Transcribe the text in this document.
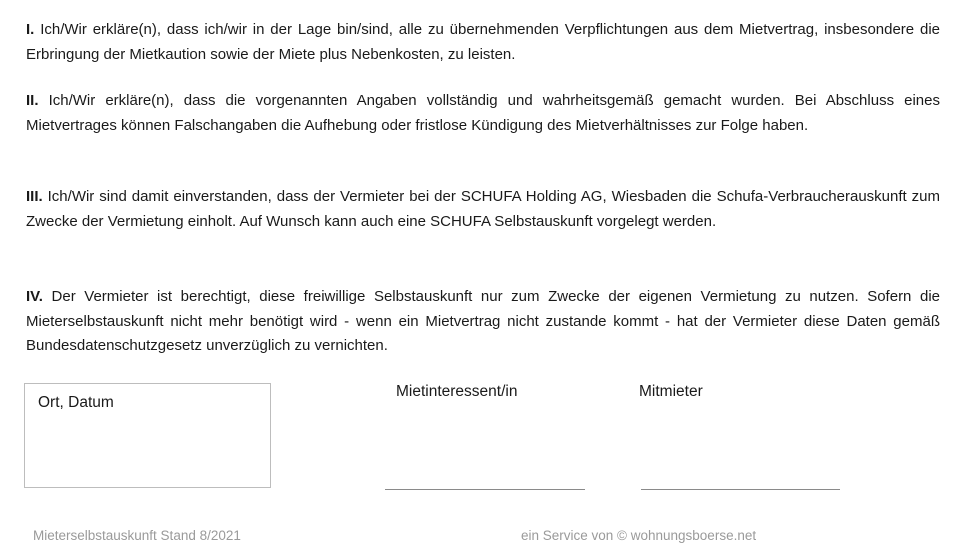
I. Ich/Wir erkläre(n), dass ich/wir in der Lage bin/sind, alle zu übernehmenden Verpflichtungen aus dem Mietvertrag, insbesondere die Erbringung der Mietkaution sowie der Miete plus Nebenkosten, zu leisten.

II. Ich/Wir erkläre(n), dass die vorgenannten Angaben vollständig und wahrheitsgemäß gemacht wurden. Bei Abschluss eines Mietvertrages können Falschangaben die Aufhebung oder fristlose Kündigung des Mietverhältnisses zur Folge haben.

III. Ich/Wir sind damit einverstanden, dass der Vermieter bei der SCHUFA Holding AG, Wiesbaden die Schufa-Verbraucherauskunft zum Zwecke der Vermietung einholt. Auf Wunsch kann auch eine SCHUFA Selbstauskunft vorgelegt werden.

IV. Der Vermieter ist berechtigt, diese freiwillige Selbstauskunft nur zum Zwecke der eigenen Vermietung zu nutzen. Sofern die Mieterselbstauskunft nicht mehr benötigt wird - wenn ein Mietvertrag nicht zustande kommt - hat der Vermieter diese Daten gemäß Bundesdatenschutzgesetz unverzüglich zu vernichten.

Ort, Datum
Mietinteressent/in	Mitmieter
Mieterselbstauskunft Stand 8/2021	ein Service von © wohnungsboerse.net
